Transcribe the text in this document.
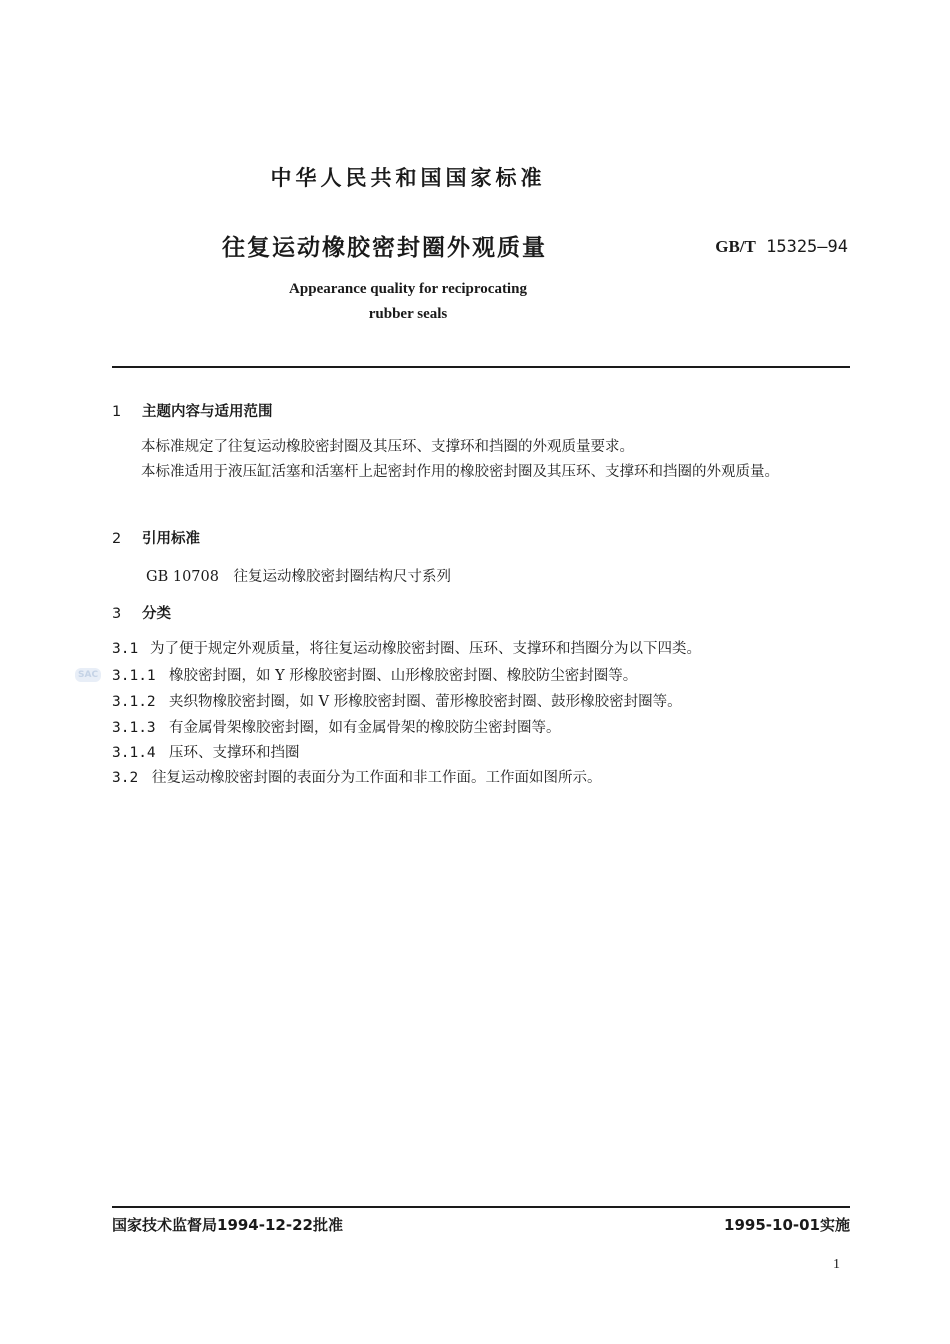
中华人民共和国国家标准
往复运动橡胶密封圈外观质量	GB/T 15325—94
Appearance quality for reciprocating
rubber seals
1 主题内容与适用范围
本标准规定了往复运动橡胶密封圈及其压环、支撑环和挡圈的外观质量要求。
本标准适用于液压缸活塞和活塞杆上起密封作用的橡胶密封圈及其压环、支撑环和挡圈的外观质量。
2 引用标准
GB 10708　往复运动橡胶密封圈结构尺寸系列
3 分类
3.1 为了便于规定外观质量，将往复运动橡胶密封圈、压环、支撑环和挡圈分为以下四类。
3.1.1 橡胶密封圈，如 Y 形橡胶密封圈、山形橡胶密封圈、橡胶防尘密封圈等。
3.1.2 夹织物橡胶密封圈，如 V 形橡胶密封圈、蕾形橡胶密封圈、鼓形橡胶密封圈等。
3.1.3 有金属骨架橡胶密封圈，如有金属骨架的橡胶防尘密封圈等。
3.1.4 压环、支撑环和挡圈
3.2 往复运动橡胶密封圈的表面分为工作面和非工作面。工作面如图所示。
SAC
国家技术监督局1994-12-22批准	1995-10-01实施
1
